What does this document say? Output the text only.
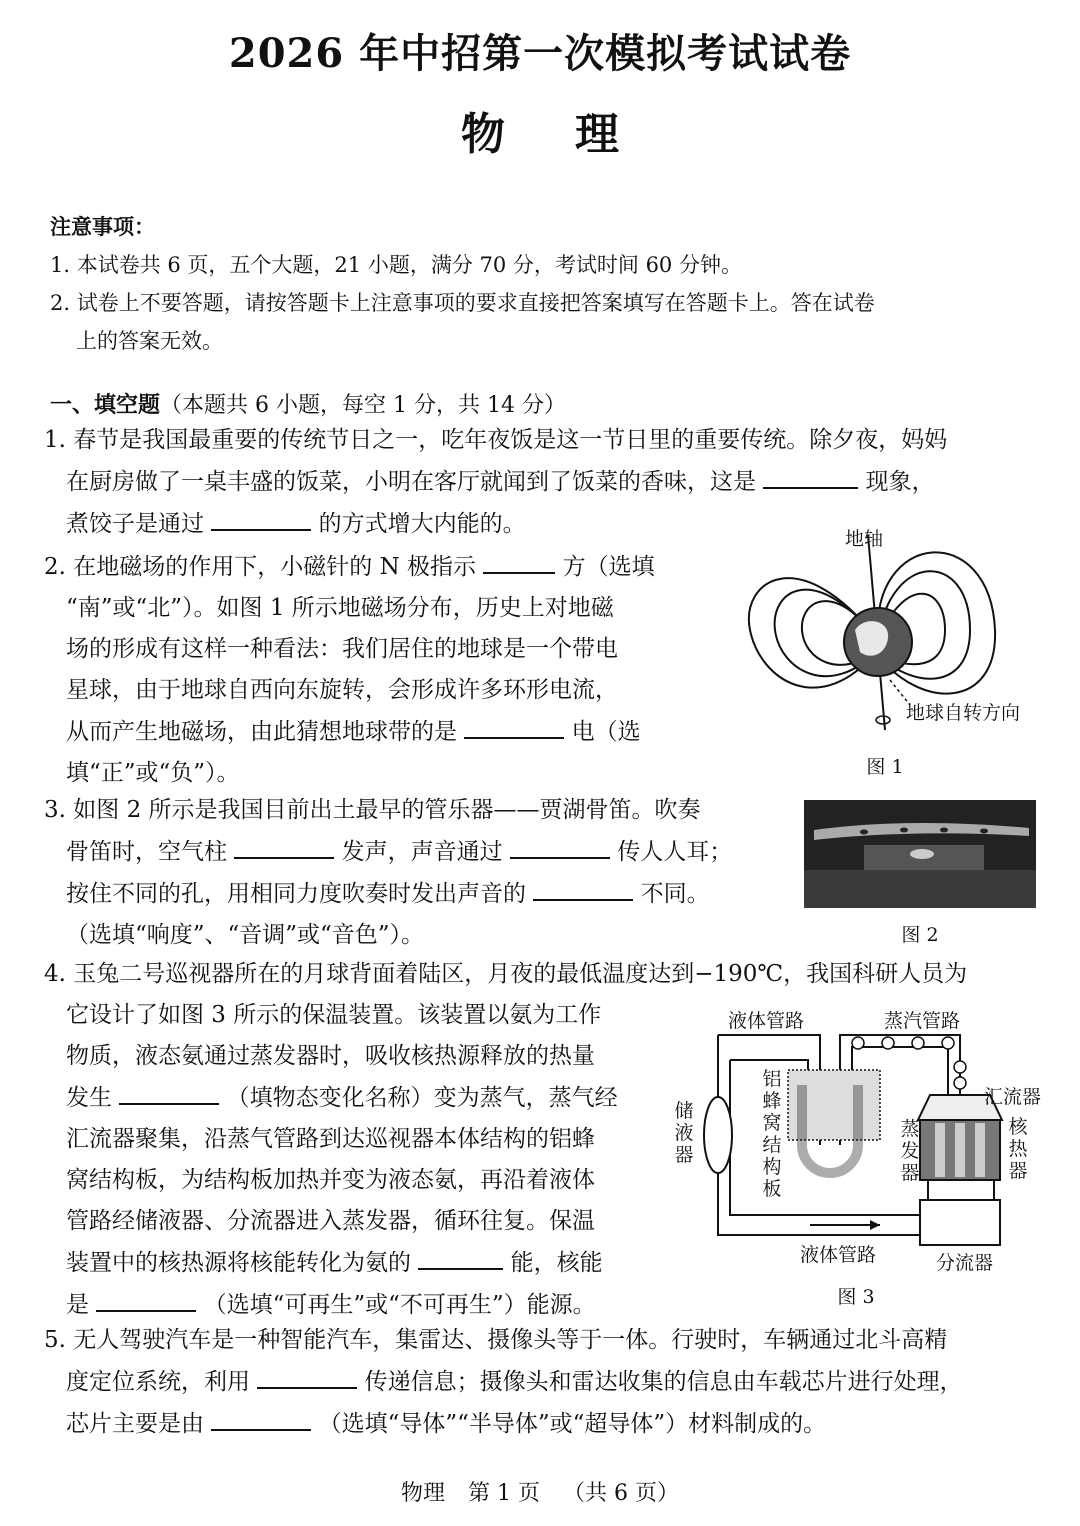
2026 年中招第一次模拟考试试卷
物理

注意事项：

1. 本试卷共 6 页，五个大题，21 小题，满分 70 分，考试时间 60 分钟。

2. 试卷上不要答题，请按答题卡上注意事项的要求直接把答案填写在答题卡上。答在试卷

上的答案无效。

一、填空题（本题共 6 小题，每空 1 分，共 14 分）

1. 春节是我国最重要的传统节日之一，吃年夜饭是这一节日里的重要传统。除夕夜，妈妈

在厨房做了一桌丰盛的饭菜，小明在客厅就闻到了饭菜的香味，这是	现象，

煮饺子是通过	的方式增大内能的。

2. 在地磁场的作用下，小磁针的 N 极指示	方（选填

“南”或“北”）。如图 1 所示地磁场分布，历史上对地磁

场的形成有这样一种看法：我们居住的地球是一个带电

星球，由于地球自西向东旋转，会形成许多环形电流，

从而产生地磁场，由此猜想地球带的是	电（选

填“正”或“负”）。

地轴
地球自转方向
图 1

3. 如图 2 所示是我国目前出土最早的管乐器——贾湖骨笛。吹奏

骨笛时，空气柱	发声，声音通过	传人人耳；

按住不同的孔，用相同力度吹奏时发出声音的	不同。

（选填“响度”、“音调”或“音色”）。	图 2

4. 玉兔二号巡视器所在的月球背面着陆区，月夜的最低温度达到−190℃，我国科研人员为

它设计了如图 3 所示的保温装置。该装置以氨为工作

物质，液态氨通过蒸发器时，吸收核热源释放的热量

发生	（填物态变化名称）变为蒸气，蒸气经

汇流器聚集，沿蒸气管路到达巡视器本体结构的铝蜂

窝结构板，为结构板加热并变为液态氨，再沿着液体

管路经储液器、分流器进入蒸发器，循环往复。保温

装置中的核热源将核能转化为氨的	能，核能

是	（选填“可再生”或“不可再生”）能源。

液体管路	蒸汽管路
汇流器
储液器
铝蜂窝结构板
蒸发器
核热器
液体管路	分流器
图 3

5. 无人驾驶汽车是一种智能汽车，集雷达、摄像头等于一体。行驶时，车辆通过北斗高精

度定位系统，利用	传递信息；摄像头和雷达收集的信息由车载芯片进行处理，

芯片主要是由	（选填“导体”“半导体”或“超导体”）材料制成的。

物理 第 1 页 （共 6 页）
